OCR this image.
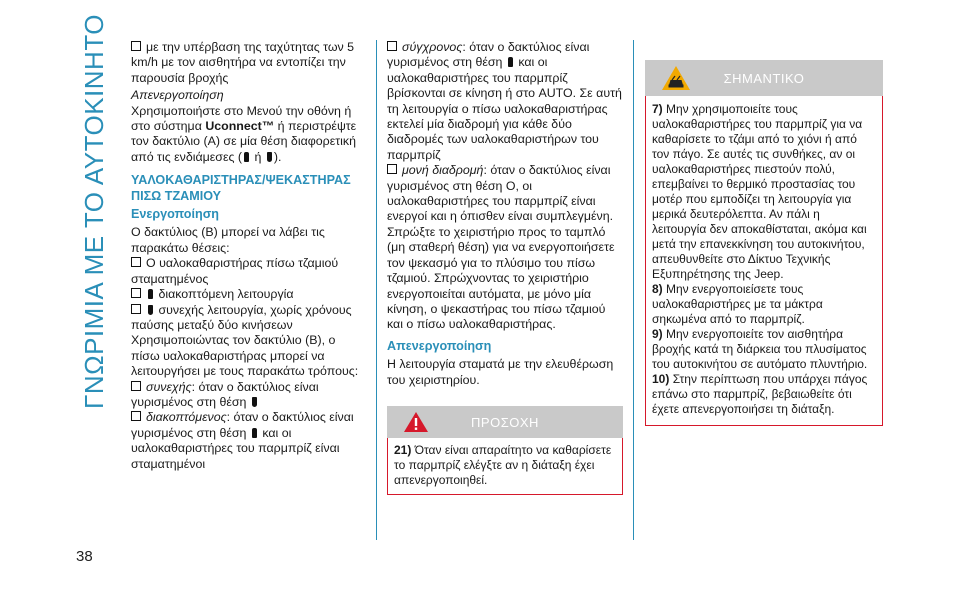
ΓΝΩΡΙΜΙΑ ΜΕ ΤΟ ΑΥΤΟΚΙΝΗΤΟ
38

με την υπέρβαση της ταχύτητας των 5 km/h με τον αισθητήρα να εντοπίζει την παρουσία βροχής

Απενεργοποίηση

Χρησιμοποιήστε στο Μενού την οθόνη ή στο σύστημα Uconnect™ ή περιστρέψτε τον δακτύλιο (A) σε μία θέση διαφορετική από τις ενδιάμεσες ( ή ).

ΥΑΛΟΚΑΘΑΡΙΣΤΗΡΑΣ/ΨΕΚΑΣΤΗΡΑΣ ΠΙΣΩ ΤΖΑΜΙΟΥ

Ενεργοποίηση

Ο δακτύλιος (B) μπορεί να λάβει τις παρακάτω θέσεις:

Ο υαλοκαθαριστήρας πίσω τζαμιού σταματημένος

διακοπτόμενη λειτουργία

συνεχής λειτουργία, χωρίς χρόνους παύσης μεταξύ δύο κινήσεων

Χρησιμοποιώντας τον δακτύλιο (B), ο πίσω υαλοκαθαριστήρας μπορεί να λειτουργήσει με τους παρακάτω τρόπους:

συνεχής: όταν ο δακτύλιος είναι γυρισμένος στη θέση

διακοπτόμενος: όταν ο δακτύλιος είναι γυρισμένος στη θέση και οι υαλοκαθαριστήρες του παρμπρίζ είναι σταματημένοι

σύγχρονος: όταν ο δακτύλιος είναι γυρισμένος στη θέση και οι υαλοκαθαριστήρες του παρμπρίζ βρίσκονται σε κίνηση ή στο AUTO. Σε αυτή τη λειτουργία ο πίσω υαλοκαθαριστήρας εκτελεί μία διαδρομή για κάθε δύο διαδρομές των υαλοκαθαριστήρων του παρμπρίζ

μονή διαδρομή: όταν ο δακτύλιος είναι γυρισμένος στη θέση O, οι υαλοκαθαριστήρες του παρμπρίζ είναι ενεργοί και η όπισθεν είναι συμπλεγμένη.

Σπρώξτε το χειριστήριο προς το ταμπλό (μη σταθερή θέση) για να ενεργοποιήσετε τον ψεκασμό για το πλύσιμο του πίσω τζαμιού. Σπρώχνοντας το χειριστήριο ενεργοποιείται αυτόματα, με μόνο μία κίνηση, ο ψεκαστήρας του πίσω τζαμιού και ο πίσω υαλοκαθαριστήρας.

Απενεργοποίηση

Η λειτουργία σταματά με την ελευθέρωση του χειριστηρίου.

ΠΡΟΣΟΧΗ
21) Όταν είναι απαραίτητο να καθαρίσετε το παρμπρίζ ελέγξτε αν η διάταξη έχει απενεργοποιηθεί.
ΣΗΜΑΝΤΙΚΟ

7) Μην χρησιμοποιείτε τους υαλοκαθαριστήρες του παρμπρίζ για να καθαρίσετε το τζάμι από το χιόνι ή από τον πάγο. Σε αυτές τις συνθήκες, αν οι υαλοκαθαριστήρες πιεστούν πολύ, επεμβαίνει το θερμικό προστασίας του μοτέρ που εμποδίζει τη λειτουργία για μερικά δευτερόλεπτα. Αν πάλι η λειτουργία δεν αποκαθίσταται, ακόμα και μετά την επανεκκίνηση του αυτοκινήτου, απευθυνθείτε στο Δίκτυο Τεχνικής Εξυπηρέτησης της Jeep.

8) Μην ενεργοποιείσετε τους υαλοκαθαριστήρες με τα μάκτρα σηκωμένα από το παρμπρίζ.

9) Μην ενεργοποιείτε τον αισθητήρα βροχής κατά τη διάρκεια του πλυσίματος του αυτοκινήτου σε αυτόματο πλυντήριο.

10) Στην περίπτωση που υπάρχει πάγος επάνω στο παρμπρίζ, βεβαιωθείτε ότι έχετε απενεργοποιήσει τη διάταξη.
